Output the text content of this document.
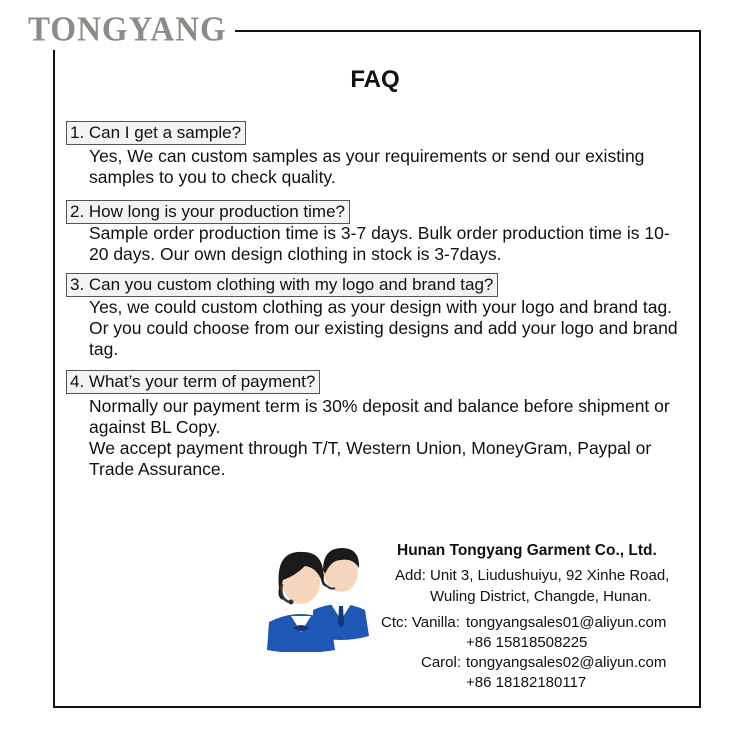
TONGYANG
FAQ
1. Can I get a sample?

Yes, We can custom samples as your requirements or send our existing samples to you to check quality.

2. How long is your production time?

Sample order production time is 3-7 days. Bulk order production time is 10-20 days. Our own design clothing in stock is 3-7days.

3. Can you custom clothing with my logo and brand tag?

Yes, we could custom clothing as your design with your logo and brand tag. Or you could choose from our existing designs and add your logo and brand tag.

4. What’s your term of payment?

Normally our payment term is 30% deposit and balance before shipment or against BL Copy.

We accept payment through T/T, Western Union, MoneyGram, Paypal or Trade Assurance.

Hunan Tongyang Garment Co., Ltd.
Add: Unit 3, Liudushuiyu, 92 Xinhe Road,
Wuling District, Changde, Hunan.
Ctc: Vanilla: tongyangsales01@aliyun.com
+86 15818508225
Carol: tongyangsales02@aliyun.com
+86 18182180117
